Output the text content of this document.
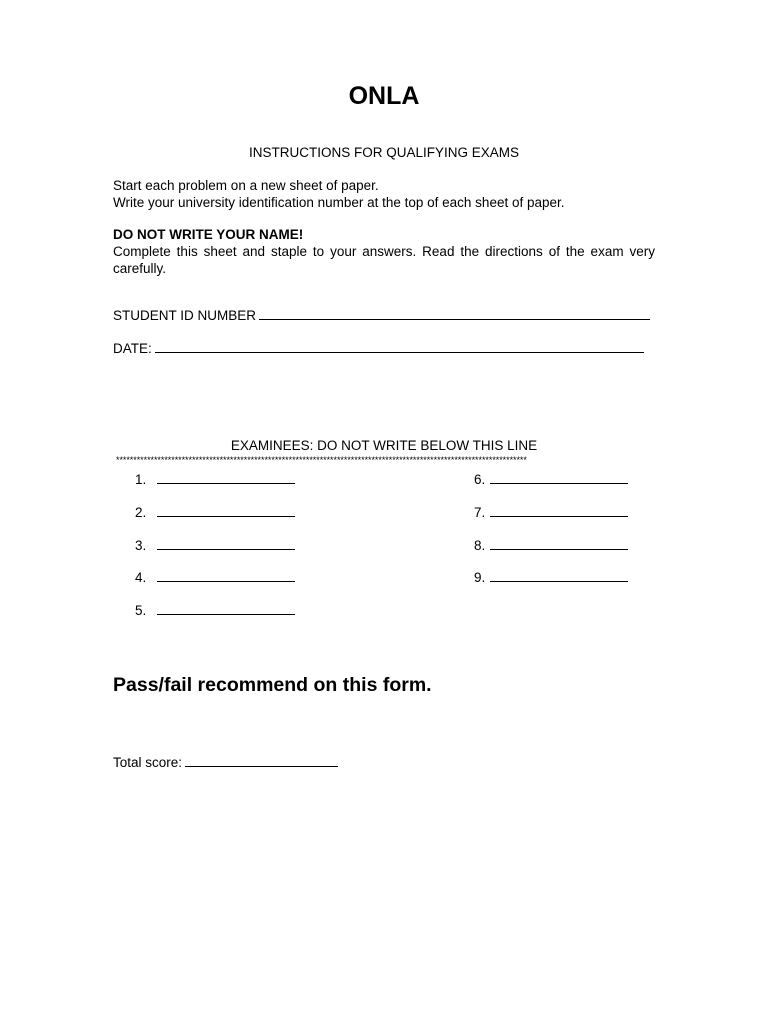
ONLA
INSTRUCTIONS FOR QUALIFYING EXAMS
Start each problem on a new sheet of paper.
Write your university identification number at the top of each sheet of paper.
DO NOT WRITE YOUR NAME!
Complete this sheet and staple to your answers. Read the directions of the exam very carefully.
STUDENT ID NUMBER
DATE:
EXAMINEES: DO NOT WRITE BELOW THIS LINE
***********************************************************************************************************************
1.
2.
3.
4.
5.
6.
7.
8.
9.
Pass/fail recommend on this form.
Total score:
